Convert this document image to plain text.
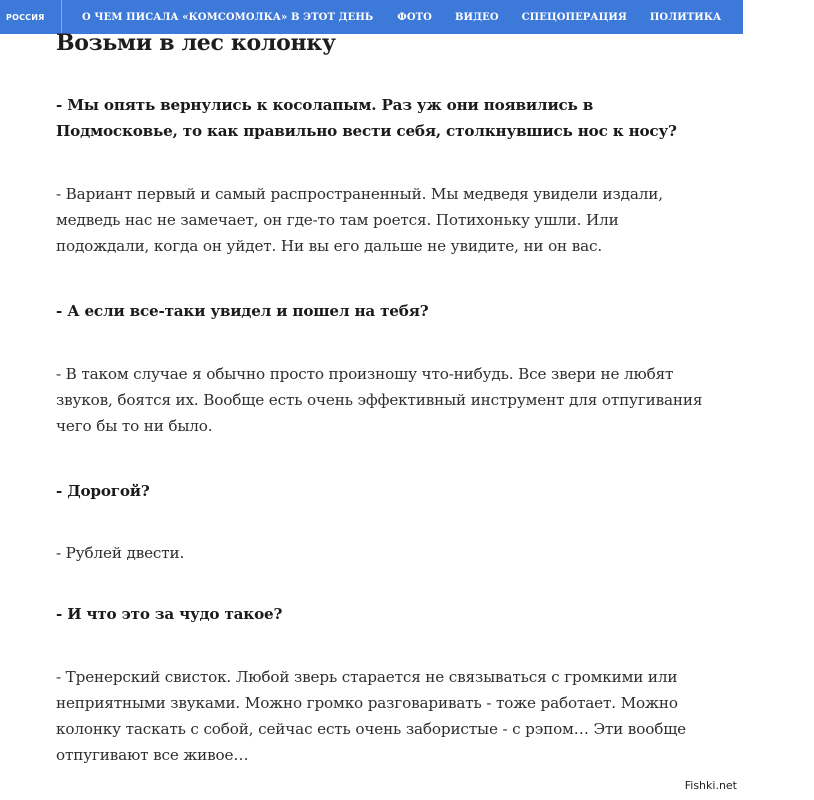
РОССИЯ	О ЧЕМ ПИСАЛА «КОМСОМОЛКА» В ЭТОТ ДЕНЬ ФОТО ВИДЕО СПЕЦОПЕРАЦИЯ ПОЛИТИКА ОБЩЕСТВО
Возьми в лес колонку

- Мы опять вернулись к косолапым. Раз уж они появились в Подмосковье, то как правильно вести себя, столкнувшись нос к носу?

- Вариант первый и самый распространенный. Мы медведя увидели издали, медведь нас не замечает, он где-то там роется. Потихоньку ушли. Или подождали, когда он уйдет. Ни вы его дальше не увидите, ни он вас.

- А если все-таки увидел и пошел на тебя?

- В таком случае я обычно просто произношу что-нибудь. Все звери не любят звуков, боятся их. Вообще есть очень эффективный инструмент для отпугивания чего бы то ни было.

- Дорогой?

- Рублей двести.

- И что это за чудо такое?

- Тренерский свисток. Любой зверь старается не связываться с громкими или неприятными звуками. Можно громко разговаривать - тоже работает. Можно колонку таскать с собой, сейчас есть очень забористые - с рэпом… Эти вообще отпугивают все живое…

Fishki.net
